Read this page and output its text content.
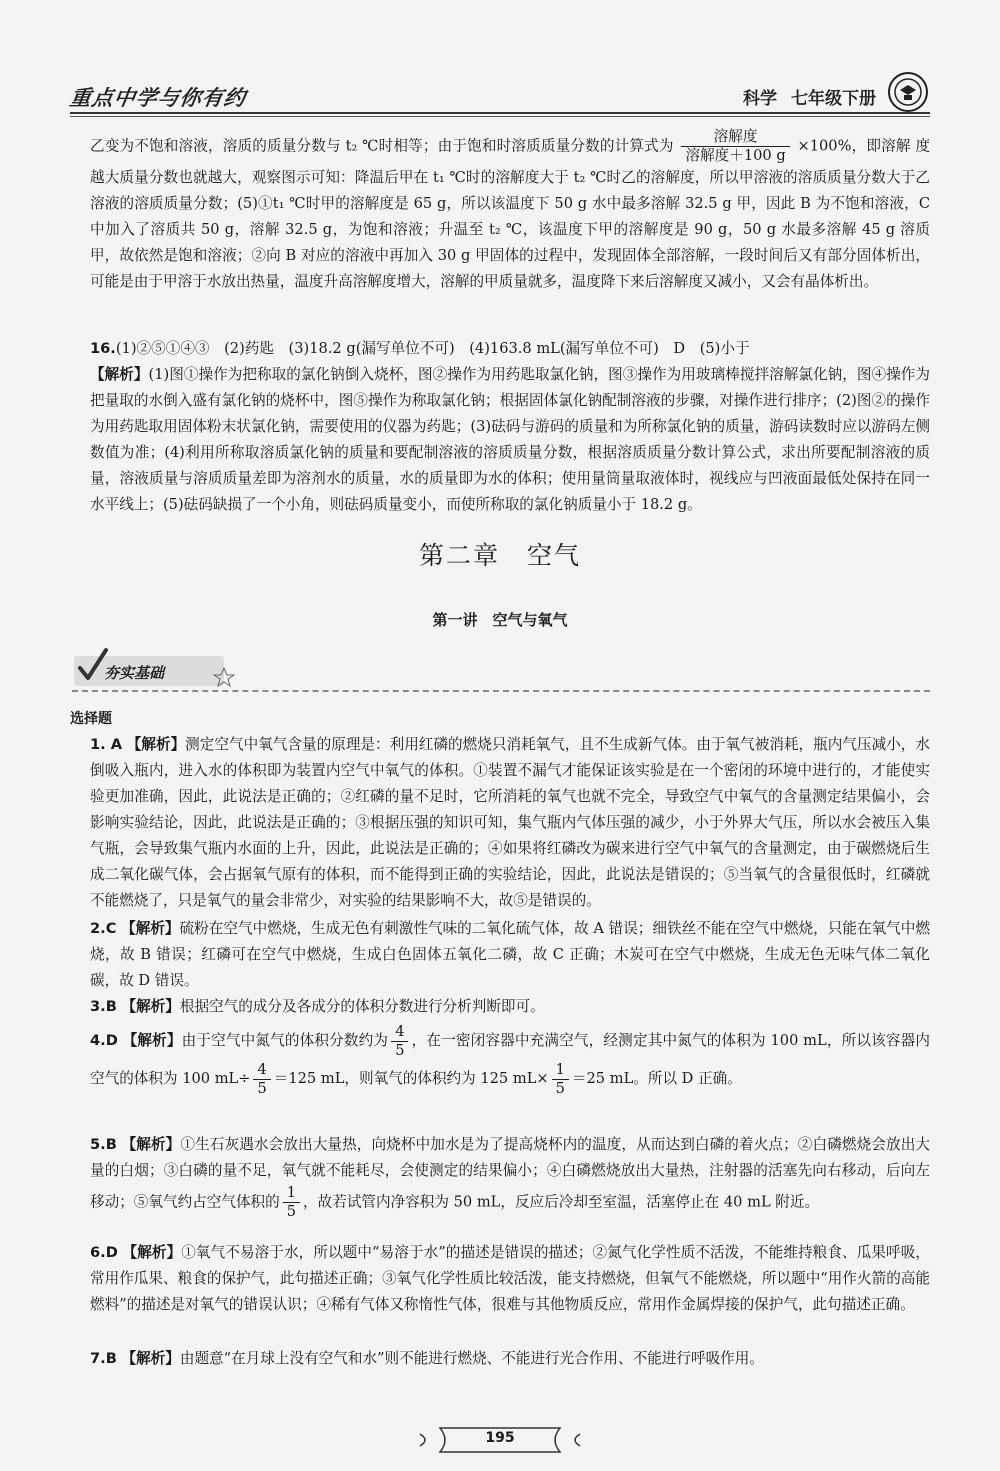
重点中学与你有约	科学 七年级下册

乙变为不饱和溶液，溶质的质量分数与 t₂ ℃时相等；由于饱和时溶质质量分数的计算式为 $\frac{\text{溶解度}}{\text{溶解度＋100 g}} \times 100\%$，即溶解 度越大质量分数也就越大，观察图示可知：降温后甲在 t₁ ℃时的溶解度大于 t₂ ℃时乙的溶解度，所以甲溶液的溶质质量分数大于乙溶液的溶质质量分数；(5)①t₁ ℃时甲的溶解度是 65 g，所以该温度下 50 g 水中最多溶解 32.5 g 甲，因此 B 为不饱和溶液，C 中加入了溶质共 50 g，溶解 32.5 g，为饱和溶液；升温至 t₂ ℃，该温度下甲的溶解度是 90 g，50 g 水最多溶解 45 g 溶质甲，故依然是饱和溶液；②向 B 对应的溶液中再加入 30 g 甲固体的过程中，发现固体全部溶解，一段时间后又有部分固体析出，可能是由于甲溶于水放出热量，温度升高溶解度增大，溶解的甲质量就多，温度降下来后溶解度又减小，又会有晶体析出。

16.(1)②⑤①④③　(2)药匙　(3)18.2 g(漏写单位不可)　(4)163.8 mL(漏写单位不可)　D　(5)小于

【解析】(1)图①操作为把称取的氯化钠倒入烧杯，图②操作为用药匙取氯化钠，图③操作为用玻璃棒搅拌溶解氯化钠，图④操作为把量取的水倒入盛有氯化钠的烧杯中，图⑤操作为称取氯化钠；根据固体氯化钠配制溶液的步骤，对操作进行排序；(2)图②的操作为用药匙取用固体粉末状氯化钠，需要使用的仪器为药匙；(3)砝码与游码的质量和为所称氯化钠的质量，游码读数时应以游码左侧数值为准；(4)利用所称取溶质氯化钠的质量和要配制溶液的溶质质量分数，根据溶质质量分数计算公式，求出所要配制溶液的质量，溶液质量与溶质质量差即为溶剂水的质量，水的质量即为水的体积；使用量筒量取液体时，视线应与凹液面最低处保持在同一水平线上；(5)砝码缺损了一个小角，则砝码质量变小，而使所称取的氯化钠质量小于 18.2 g。

第二章　空气
第一讲　空气与氧气
夯实基础
选择题

1. A 【解析】测定空气中氧气含量的原理是：利用红磷的燃烧只消耗氧气，且不生成新气体。由于氧气被消耗，瓶内气压减小，水倒吸入瓶内，进入水的体积即为装置内空气中氧气的体积。①装置不漏气才能保证该实验是在一个密闭的环境中进行的，才能使实验更加准确，因此，此说法是正确的；②红磷的量不足时，它所消耗的氧气也就不完全，导致空气中氧气的含量测定结果偏小，会影响实验结论，因此，此说法是正确的；③根据压强的知识可知，集气瓶内气体压强的减少，小于外界大气压，所以水会被压入集气瓶，会导致集气瓶内水面的上升，因此，此说法是正确的；④如果将红磷改为碳来进行空气中氧气的含量测定，由于碳燃烧后生成二氧化碳气体，会占据氧气原有的体积，而不能得到正确的实验结论，因此，此说法是错误的；⑤当氧气的含量很低时，红磷就不能燃烧了，只是氧气的量会非常少，对实验的结果影响不大，故⑤是错误的。

2.C 【解析】硫粉在空气中燃烧，生成无色有刺激性气味的二氧化硫气体，故 A 错误；细铁丝不能在空气中燃烧，只能在氧气中燃烧，故 B 错误；红磷可在空气中燃烧，生成白色固体五氧化二磷，故 C 正确；木炭可在空气中燃烧，生成无色无味气体二氧化碳，故 D 错误。

3.B 【解析】根据空气的成分及各成分的体积分数进行分析判断即可。

4.D 【解析】由于空气中氮气的体积分数约为 $\frac{4}{5}$ ，在一密闭容器中充满空气，经测定其中氮气的体积为 100 mL，所以该容器内空气的体积为 100 $mL\div \frac{4}{5} =125$ mL，则氧气的体积约为 125 $mL\times \frac{1}{5} =25$ mL。所以 D 正确。

5.B 【解析】①生石灰遇水会放出大量热，向烧杯中加水是为了提高烧杯内的温度，从而达到白磷的着火点；②白磷燃烧会放出大量的白烟；③白磷的量不足，氧气就不能耗尽，会使测定的结果偏小；④白磷燃烧放出大量热，注射器的活塞先向右移动，后向左移动；⑤氧气约占空气体积的 $\frac{1}{5}$ ，故若试管内净容积为 50 mL，反应后冷却至室温，活塞停止在 40 mL 附近。

6.D 【解析】①氧气不易溶于水，所以题中“易溶于水”的描述是错误的描述；②氮气化学性质不活泼，不能维持粮食、瓜果呼吸，常用作瓜果、粮食的保护气，此句描述正确；③氧气化学性质比较活泼，能支持燃烧，但氧气不能燃烧，所以题中“用作火箭的高能燃料”的描述是对氧气的错误认识；④稀有气体又称惰性气体，很难与其他物质反应，常用作金属焊接的保护气，此句描述正确。

7.B 【解析】由题意“在月球上没有空气和水”则不能进行燃烧、不能进行光合作用、不能进行呼吸作用。

195
